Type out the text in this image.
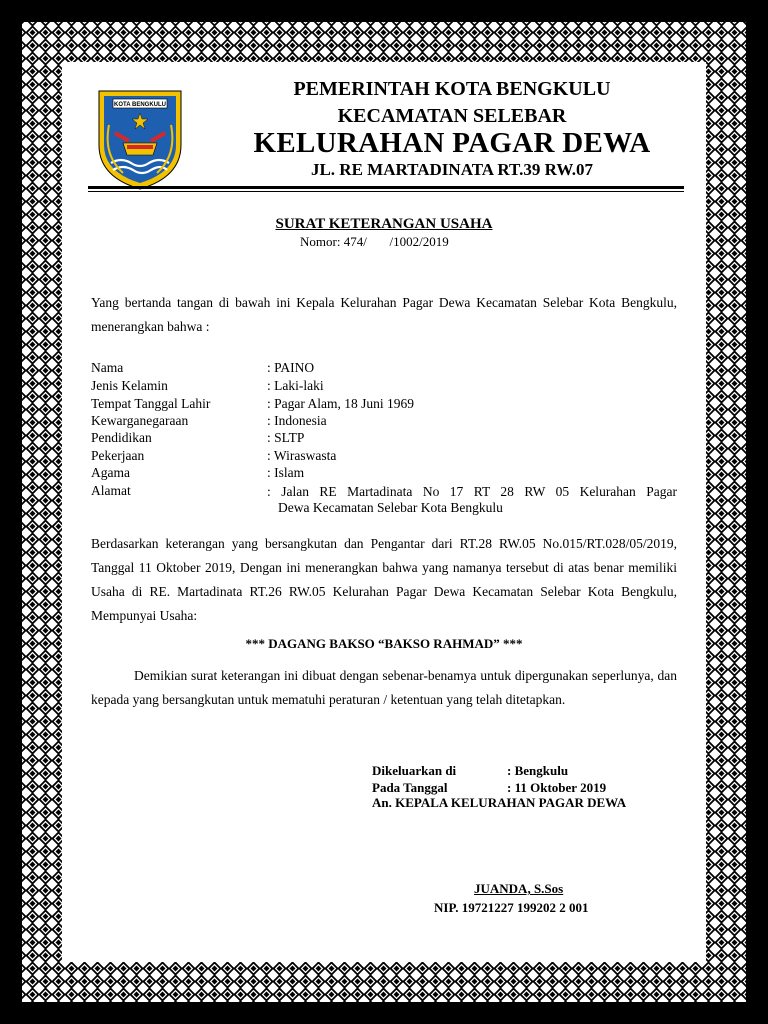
KOTA BENGKULU
PEMERINTAH KOTA BENGKULU
KECAMATAN SELEBAR
KELURAHAN PAGAR DEWA
JL. RE MARTADINATA RT.39 RW.07
SURAT KETERANGAN USAHA
Nomor: 474/       /1002/2019
Yang bertanda tangan di bawah ini Kepala Kelurahan Pagar Dewa Kecamatan Selebar Kota Bengkulu, menerangkan bahwa :
Nama	: PAINO
Jenis Kelamin	: Laki-laki
Tempat Tanggal Lahir	: Pagar Alam, 18 Juni 1969
Kewarganegaraan	: Indonesia
Pendidikan	: SLTP
Pekerjaan	: Wiraswasta
Agama	: Islam
Alamat	: Jalan RE Martadinata No 17 RT 28 RW 05 Kelurahan Pagar
Dewa Kecamatan Selebar Kota Bengkulu
Berdasarkan keterangan yang bersangkutan dan Pengantar dari RT.28 RW.05 No.015/RT.028/05/2019, Tanggal 11 Oktober 2019, Dengan ini menerangkan bahwa yang namanya tersebut di atas benar memiliki Usaha di RE. Martadinata RT.26 RW.05 Kelurahan Pagar Dewa Kecamatan Selebar Kota Bengkulu, Mempunyai Usaha:
*** DAGANG BAKSO “BAKSO RAHMAD” ***
Demikian surat keterangan ini dibuat dengan sebenar-benamya untuk dipergunakan seperlunya, dan kepada yang bersangkutan untuk mematuhi peraturan / ketentuan yang telah ditetapkan.
Dikeluarkan di	: Bengkulu
Pada Tanggal	: 11 Oktober 2019
An. KEPALA KELURAHAN PAGAR DEWA
JUANDA, S.Sos
NIP. 19721227 199202 2 001
